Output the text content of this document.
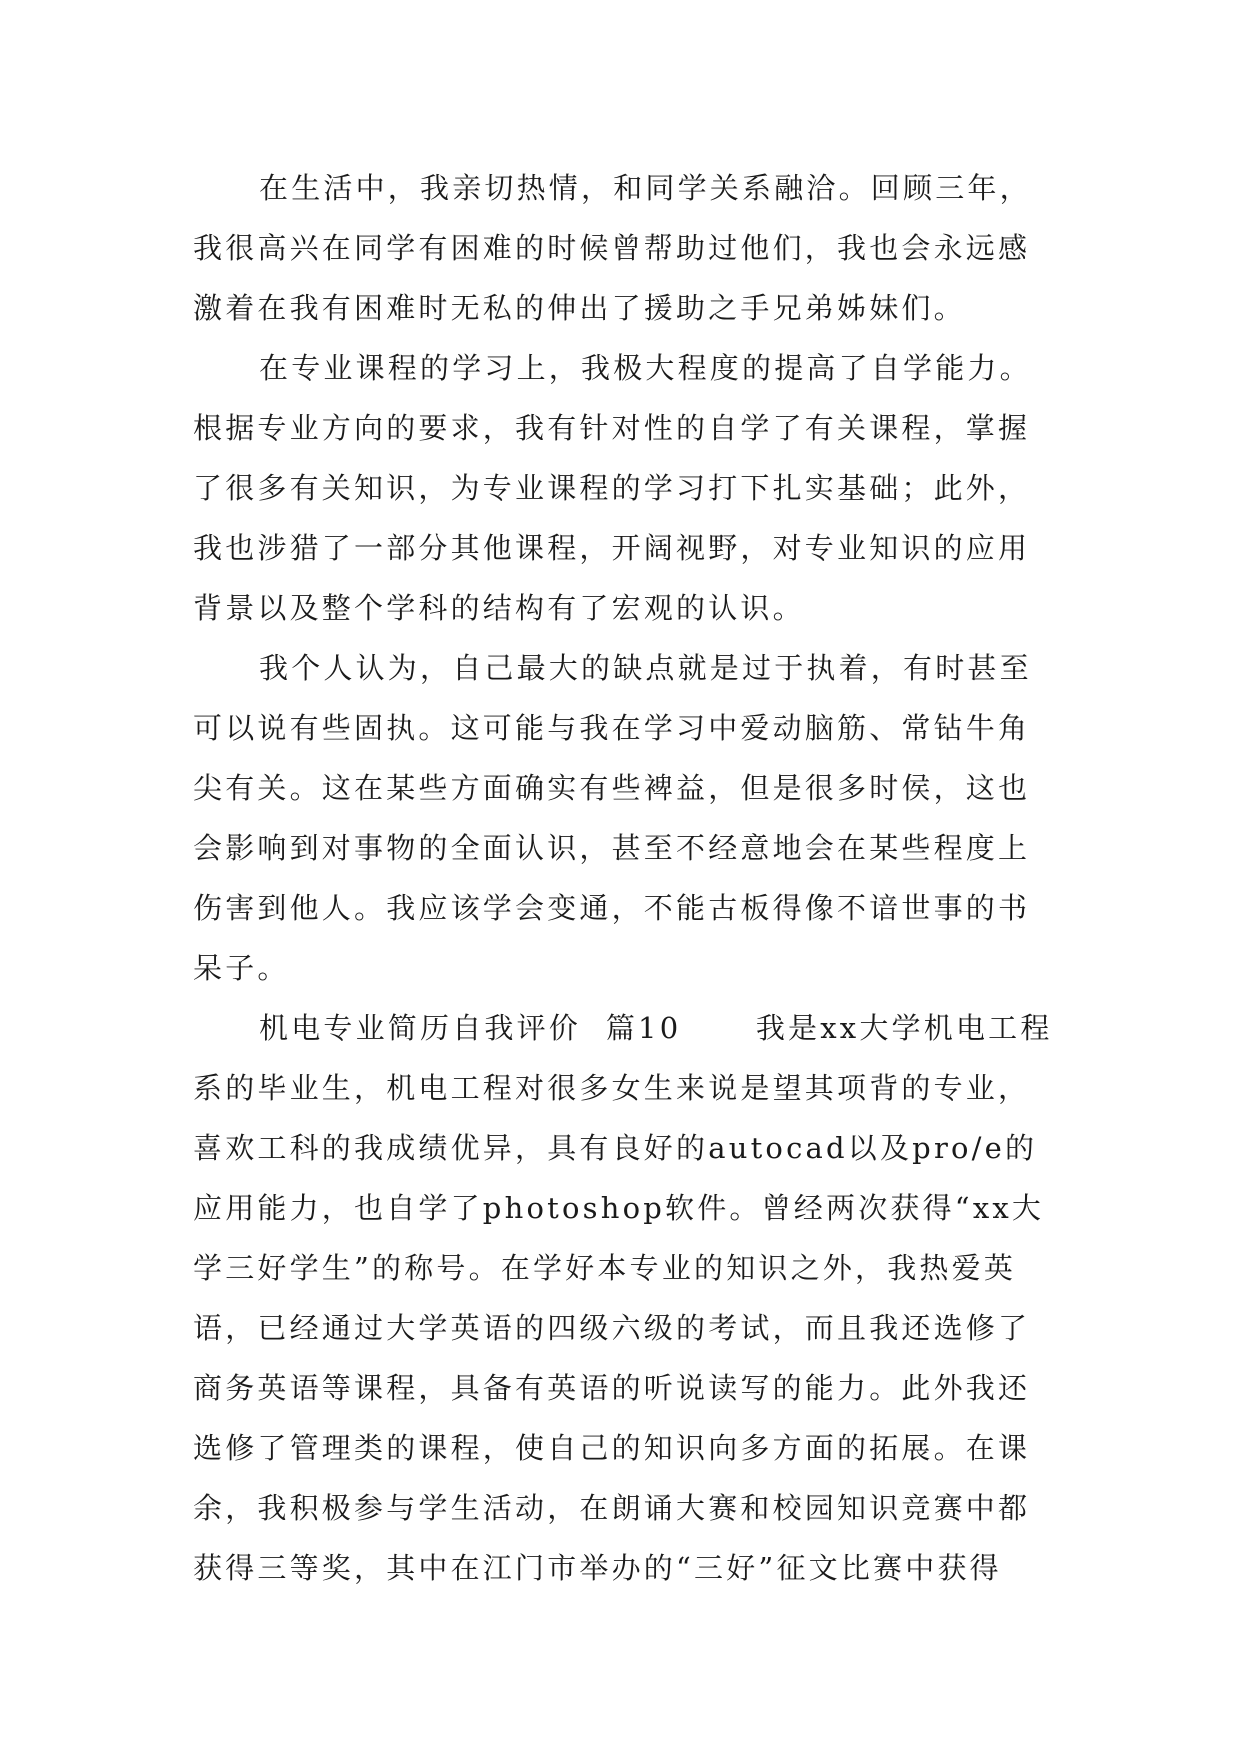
在生活中，我亲切热情，和同学关系融洽。回顾三年，
我很高兴在同学有困难的时候曾帮助过他们，我也会永远感
激着在我有困难时无私的伸出了援助之手兄弟姊妹们。
在专业课程的学习上，我极大程度的提高了自学能力。
根据专业方向的要求，我有针对性的自学了有关课程，掌握
了很多有关知识，为专业课程的学习打下扎实基础；此外，
我也涉猎了一部分其他课程，开阔视野，对专业知识的应用
背景以及整个学科的结构有了宏观的认识。
我个人认为，自己最大的缺点就是过于执着，有时甚至
可以说有些固执。这可能与我在学习中爱动脑筋、常钻牛角
尖有关。这在某些方面确实有些裨益，但是很多时侯，这也
会影响到对事物的全面认识，甚至不经意地会在某些程度上
伤害到他人。我应该学会变通，不能古板得像不谙世事的书
呆子。
机电专业简历自我评价  篇10      我是xx大学机电工程
系的毕业生，机电工程对很多女生来说是望其项背的专业，
喜欢工科的我成绩优异，具有良好的autocad以及pro/e的
应用能力，也自学了photoshop软件。曾经两次获得“xx大
学三好学生”的称号。在学好本专业的知识之外，我热爱英
语，已经通过大学英语的四级六级的考试，而且我还选修了
商务英语等课程，具备有英语的听说读写的能力。此外我还
选修了管理类的课程，使自己的知识向多方面的拓展。在课
余，我积极参与学生活动，在朗诵大赛和校园知识竞赛中都
获得三等奖，其中在江门市举办的“三好”征文比赛中获得
